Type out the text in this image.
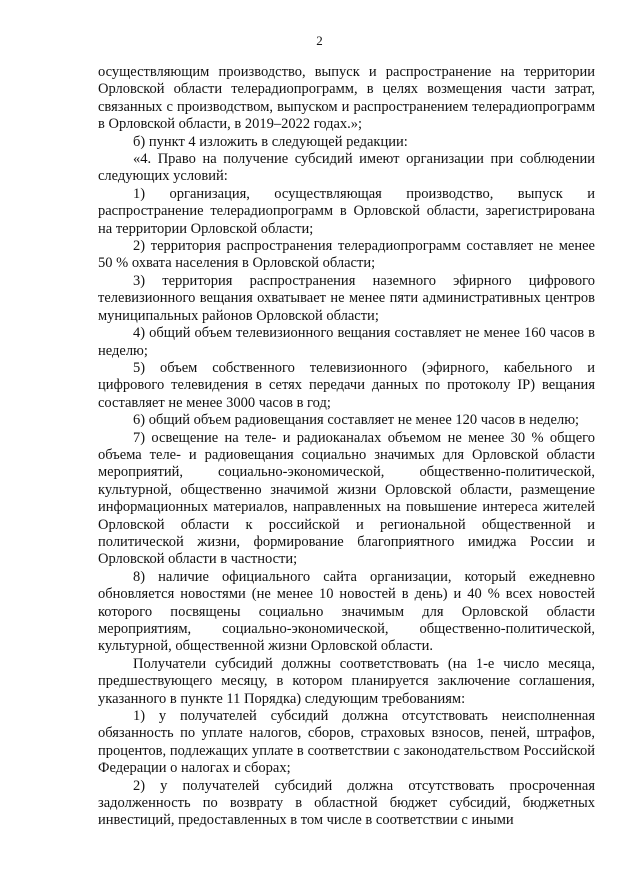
2

осуществляющим производство, выпуск и распространение на территории Орловской области телерадиопрограмм, в целях возмещения части затрат, связанных с производством, выпуском и распространением телерадиопрограмм в Орловской области, в 2019–2022 годах.»;

б) пункт 4 изложить в следующей редакции:

«4. Право на получение субсидий имеют организации при соблюдении следующих условий:

1) организация, осуществляющая производство, выпуск и распространение телерадиопрограмм в Орловской области, зарегистрирована на территории Орловской области;

2) территория распространения телерадиопрограмм составляет не менее 50 % охвата населения в Орловской области;

3) территория распространения наземного эфирного цифрового телевизионного вещания охватывает не менее пяти административных центров муниципальных районов Орловской области;

4) общий объем телевизионного вещания составляет не менее 160 часов в неделю;

5) объем собственного телевизионного (эфирного, кабельного и цифрового телевидения в сетях передачи данных по протоколу IP) вещания составляет не менее 3000 часов в год;

6) общий объем радиовещания составляет не менее 120 часов в неделю;

7) освещение на теле- и радиоканалах объемом не менее 30 % общего объема теле- и радиовещания социально значимых для Орловской области мероприятий, социально-экономической, общественно-политической, культурной, общественно значимой жизни Орловской области, размещение информационных материалов, направленных на повышение интереса жителей Орловской области к российской и региональной общественной и политической жизни, формирование благоприятного имиджа России и Орловской области в частности;

8) наличие официального сайта организации, который ежедневно обновляется новостями (не менее 10 новостей в день) и 40 % всех новостей которого посвящены социально значимым для Орловской области мероприятиям, социально-экономической, общественно-политической, культурной, общественной жизни Орловской области.

Получатели субсидий должны соответствовать (на 1-е число месяца, предшествующего месяцу, в котором планируется заключение соглашения, указанного в пункте 11 Порядка) следующим требованиям:

1) у получателей субсидий должна отсутствовать неисполненная обязанность по уплате налогов, сборов, страховых взносов, пеней, штрафов, процентов, подлежащих уплате в соответствии с законодательством Российской Федерации о налогах и сборах;

2) у получателей субсидий должна отсутствовать просроченная задолженность по возврату в областной бюджет субсидий, бюджетных инвестиций, предоставленных в том числе в соответствии с иными
